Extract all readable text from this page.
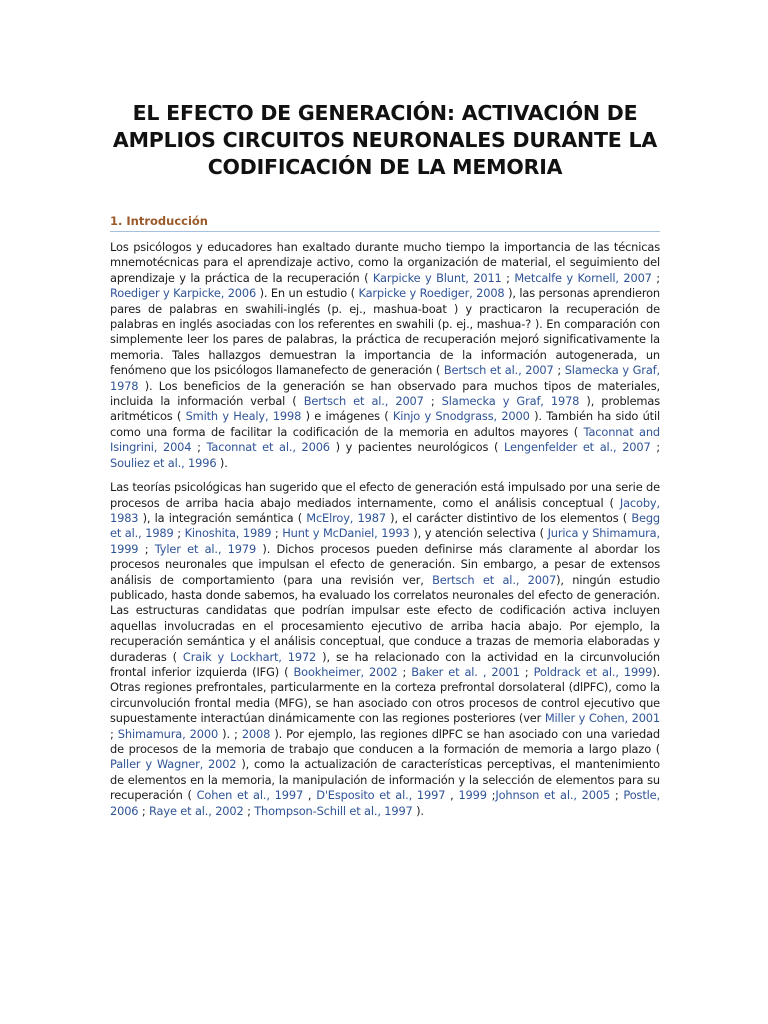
EL EFECTO DE GENERACIÓN: ACTIVACIÓN DE
AMPLIOS CIRCUITOS NEURONALES DURANTE LA
CODIFICACIÓN DE LA MEMORIA
1. Introducción

Los psicólogos y educadores han exaltado durante mucho tiempo la importancia de las técnicas mnemotécnicas para el aprendizaje activo, como la organización de material, el seguimiento del aprendizaje y la práctica de la recuperación ( Karpicke y Blunt, 2011 ; Metcalfe y Kornell, 2007 ; Roediger y Karpicke, 2006 ). En un estudio ( Karpicke y Roediger, 2008 ), las personas aprendieron pares de palabras en swahili-inglés (p. ej., mashua-boat ) y practicaron la recuperación de palabras en inglés asociadas con los referentes en swahili (p. ej., mashua-? ). En comparación con simplemente leer los pares de palabras, la práctica de recuperación mejoró significativamente la memoria. Tales hallazgos demuestran la importancia de la información autogenerada, un fenómeno que los psicólogos llamanefecto de generación ( Bertsch et al., 2007 ; Slamecka y Graf, 1978 ). Los beneficios de la generación se han observado para muchos tipos de materiales, incluida la información verbal ( Bertsch et al., 2007 ; Slamecka y Graf, 1978 ), problemas aritméticos ( Smith y Healy, 1998 ) e imágenes ( Kinjo y Snodgrass, 2000 ). También ha sido útil como una forma de facilitar la codificación de la memoria en adultos mayores ( Taconnat and Isingrini, 2004 ; Taconnat et al., 2006 ) y pacientes neurológicos ( Lengenfelder et al., 2007 ; Souliez et al., 1996 ).

Las teorías psicológicas han sugerido que el efecto de generación está impulsado por una serie de procesos de arriba hacia abajo mediados internamente, como el análisis conceptual ( Jacoby, 1983 ), la integración semántica ( McElroy, 1987 ), el carácter distintivo de los elementos ( Begg et al., 1989 ; Kinoshita, 1989 ; Hunt y McDaniel, 1993 ), y atención selectiva ( Jurica y Shimamura, 1999 ; Tyler et al., 1979 ). Dichos procesos pueden definirse más claramente al abordar los procesos neuronales que impulsan el efecto de generación. Sin embargo, a pesar de extensos análisis de comportamiento (para una revisión ver, Bertsch et al., 2007), ningún estudio publicado, hasta donde sabemos, ha evaluado los correlatos neuronales del efecto de generación. Las estructuras candidatas que podrían impulsar este efecto de codificación activa incluyen aquellas involucradas en el procesamiento ejecutivo de arriba hacia abajo. Por ejemplo, la recuperación semántica y el análisis conceptual, que conduce a trazas de memoria elaboradas y duraderas ( Craik y Lockhart, 1972 ), se ha relacionado con la actividad en la circunvolución frontal inferior izquierda (IFG) ( Bookheimer, 2002 ; Baker et al. , 2001 ; Poldrack et al., 1999). Otras regiones prefrontales, particularmente en la corteza prefrontal dorsolateral (dlPFC), como la circunvolución frontal media (MFG), se han asociado con otros procesos de control ejecutivo que supuestamente interactúan dinámicamente con las regiones posteriores (ver Miller y Cohen, 2001 ; Shimamura, 2000 ). ; 2008 ). Por ejemplo, las regiones dlPFC se han asociado con una variedad de procesos de la memoria de trabajo que conducen a la formación de memoria a largo plazo ( Paller y Wagner, 2002 ), como la actualización de características perceptivas, el mantenimiento de elementos en la memoria, la manipulación de información y la selección de elementos para su recuperación ( Cohen et al., 1997 , D'Esposito et al., 1997 , 1999 ;Johnson et al., 2005 ; Postle, 2006 ; Raye et al., 2002 ; Thompson-Schill et al., 1997 ).
